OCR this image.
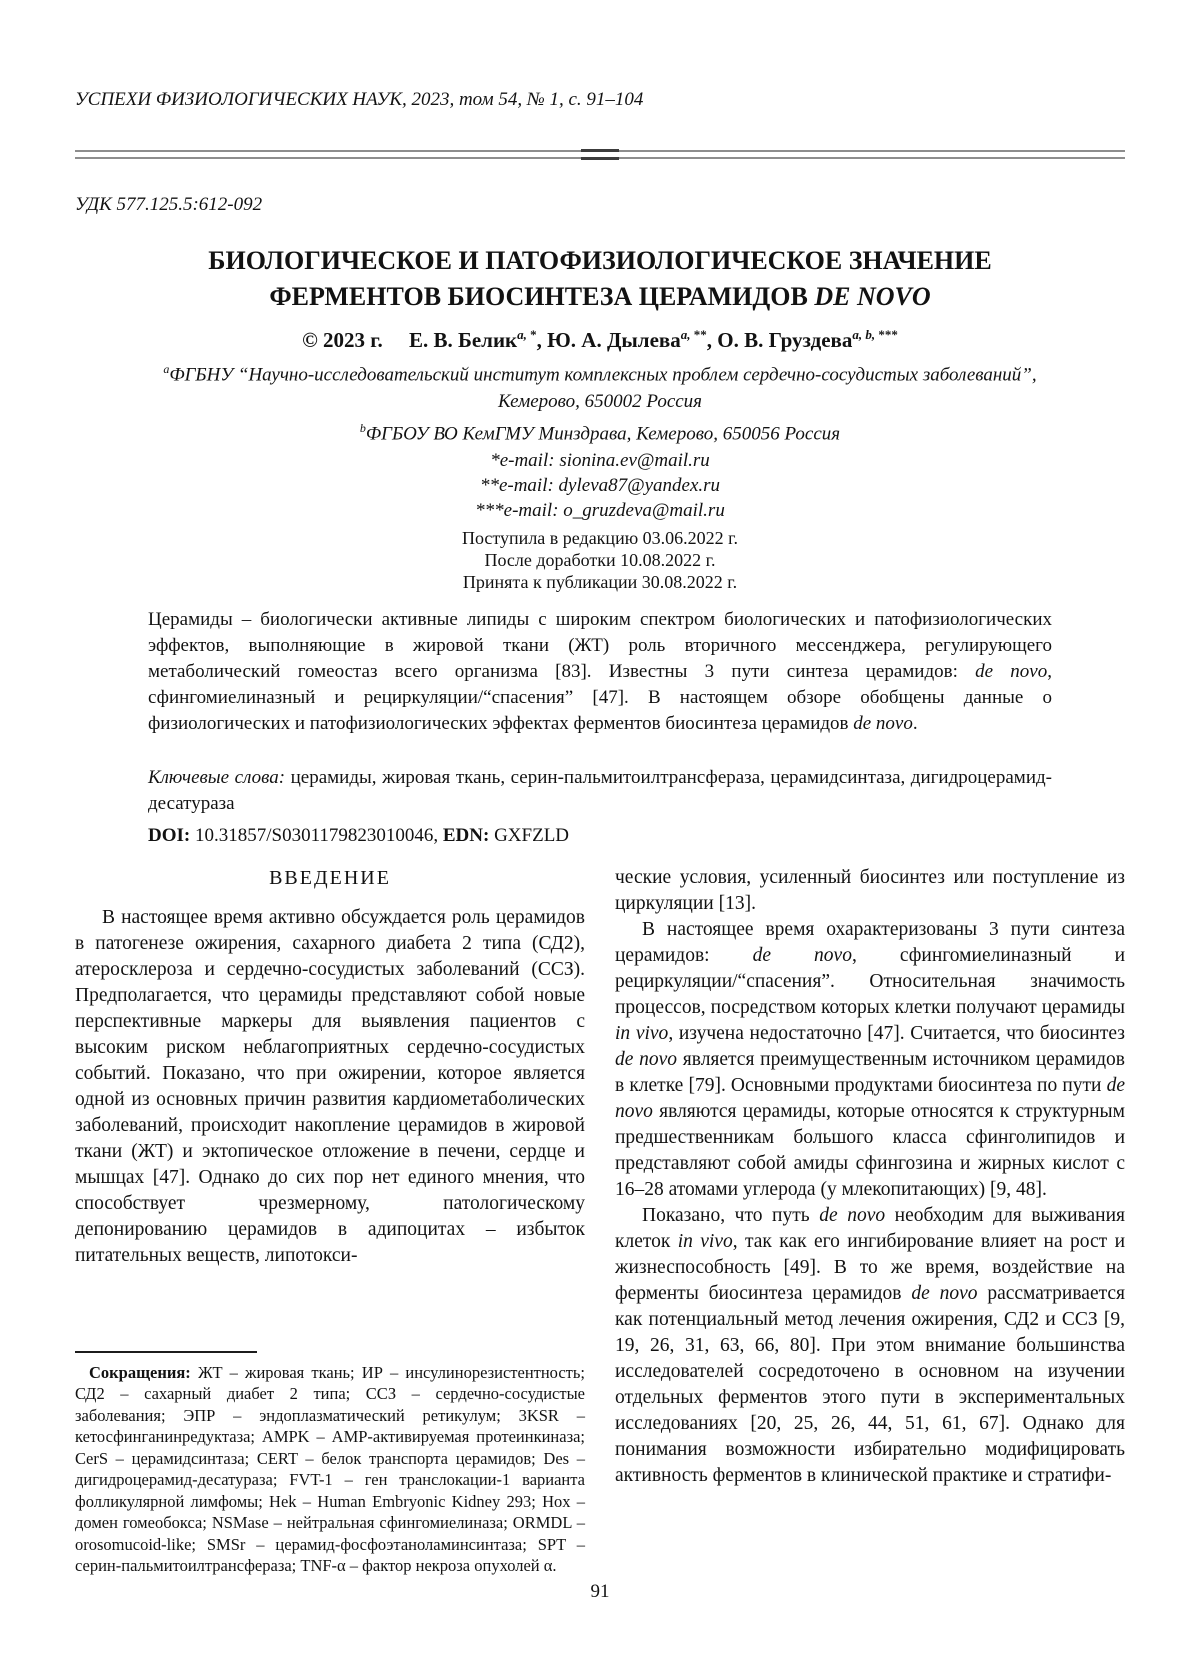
УСПЕХИ ФИЗИОЛОГИЧЕСКИХ НАУК, 2023, том 54, № 1, с. 91–104
УДК 577.125.5:612-092
БИОЛОГИЧЕСКОЕ И ПАТОФИЗИОЛОГИЧЕСКОЕ ЗНАЧЕНИЕ
ФЕРМЕНТОВ БИОСИНТЕЗА ЦЕРАМИДОВ DE NOVO
© 2023 г.   Е. В. Белик$^{a,}$ *, Ю. А. Дылева$^{a,}$ **, О. В. Груздева$^{a, b,}$ ***
$^a$ФГБНУ “Научно-исследовательский институт комплексных проблем сердечно-сосудистых заболеваний”,
Кемерово, 650002 Россия
$^b$ФГБОУ ВО КемГМУ Минздрава, Кемерово, 650056 Россия
*e-mail: sionina.ev@mail.ru
**e-mail: dyleva87@yandex.ru
***e-mail: o_gruzdeva@mail.ru
Поступила в редакцию 03.06.2022 г.
После доработки 10.08.2022 г.
Принята к публикации 30.08.2022 г.
Церамиды – биологически активные липиды с широким спектром биологических и патофизиологических эффектов, выполняющие в жировой ткани (ЖТ) роль вторичного мессенджера, регулирующего метаболический гомеостаз всего организма [83]. Известны 3 пути синтеза церамидов: de novo, сфингомиелиназный и рециркуляции/“спасения” [47]. В настоящем обзоре обобщены данные о физиологических и патофизиологических эффектах ферментов биосинтеза церамидов de novo.
Ключевые слова: церамиды, жировая ткань, серин-пальмитоилтрансфераза, церамидсинтаза, дигидроцерамид-десатураза
DOI: 10.31857/S0301179823010046, EDN: GXFZLD
ВВЕДЕНИЕ

В настоящее время активно обсуждается роль церамидов в патогенезе ожирения, сахарного диабета 2 типа (СД2), атеросклероза и сердечно-сосудистых заболеваний (ССЗ). Предполагается, что церамиды представляют собой новые перспективные маркеры для выявления пациентов с высоким риском неблагоприятных сердечно-сосудистых событий. Показано, что при ожирении, которое является одной из основных причин развития кардиометаболических заболеваний, происходит накопление церамидов в жировой ткани (ЖТ) и эктопическое отложение в печени, сердце и мышцах [47]. Однако до сих пор нет единого мнения, что способствует чрезмерному, патологическому депонированию церамидов в адипоцитах – избыток питательных веществ, липотокси-

Сокращения: ЖТ – жировая ткань; ИР – инсулинорезистентность; СД2 – сахарный диабет 2 типа; ССЗ – сердечно-сосудистые заболевания; ЭПР – эндоплазматический ретикулум; 3KSR – кетосфинганинредуктаза; AMPK – АМР-активируемая протеинкиназа; CerS – церамидсинтаза; CERT – белок транспорта церамидов; Des – дигидроцерамид-десатураза; FVT-1 – ген транслокации-1 варианта фолликулярной лимфомы; Hek – Human Embryonic Kidney 293; Hox – домен гомеобокса; NSMase – нейтральная сфингомиелиназа; ORMDL – orosomucoid-like; SMSr – церамид-фосфоэтаноламинсинтаза; SPT – серин-пальмитоилтрансфераза; TNF-α – фактор некроза опухолей α.

ческие условия, усиленный биосинтез или поступление из циркуляции [13].

В настоящее время охарактеризованы 3 пути синтеза церамидов: de novo, сфингомиелиназный и рециркуляции/“спасения”. Относительная значимость процессов, посредством которых клетки получают церамиды in vivo, изучена недостаточно [47]. Считается, что биосинтез de novo является преимущественным источником церамидов в клетке [79]. Основными продуктами биосинтеза по пути de novo являются церамиды, которые относятся к структурным предшественникам большого класса сфинголипидов и представляют собой амиды сфингозина и жирных кислот с 16–28 атомами углерода (у млекопитающих) [9, 48].

Показано, что путь de novo необходим для выживания клеток in vivo, так как его ингибирование влияет на рост и жизнеспособность [49]. В то же время, воздействие на ферменты биосинтеза церамидов de novo рассматривается как потенциальный метод лечения ожирения, СД2 и ССЗ [9, 19, 26, 31, 63, 66, 80]. При этом внимание большинства исследователей сосредоточено в основном на изучении отдельных ферментов этого пути в экспериментальных исследованиях [20, 25, 26, 44, 51, 61, 67]. Однако для понимания возможности избирательно модифицировать активность ферментов в клинической практике и стратифи-

91
